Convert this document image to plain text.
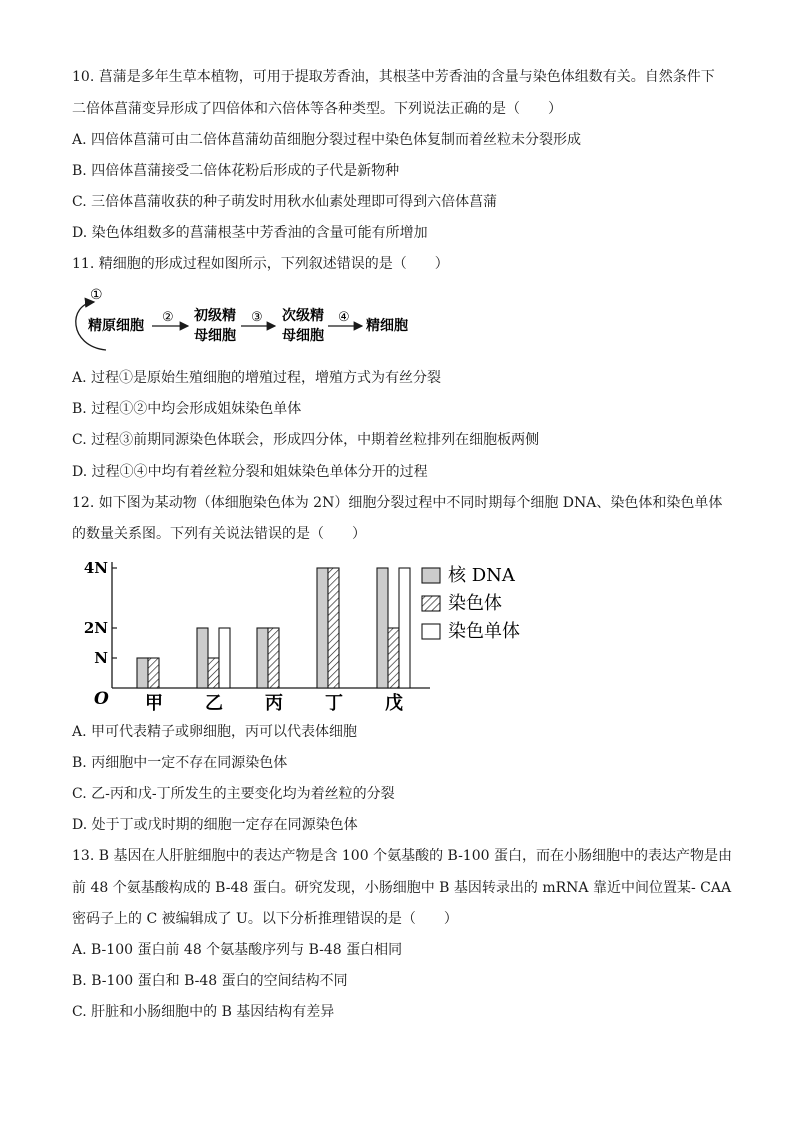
10. 菖蒲是多年生草本植物，可用于提取芳香油，其根茎中芳香油的含量与染色体组数有关。自然条件下
二倍体菖蒲变异形成了四倍体和六倍体等各种类型。下列说法正确的是（　　）
A. 四倍体菖蒲可由二倍体菖蒲幼苗细胞分裂过程中染色体复制而着丝粒未分裂形成
B. 四倍体菖蒲接受二倍体花粉后形成的子代是新物种
C. 三倍体菖蒲收获的种子萌发时用秋水仙素处理即可得到六倍体菖蒲
D. 染色体组数多的菖蒲根茎中芳香油的含量可能有所增加
11. 精细胞的形成过程如图所示，下列叙述错误的是（　　）
①
精原细胞
② 初级精
母细胞
③ 次级精
母细胞
④
精细胞
A. 过程①是原始生殖细胞的增殖过程，增殖方式为有丝分裂
B. 过程①②中均会形成姐妹染色单体
C. 过程③前期同源染色体联会，形成四分体，中期着丝粒排列在细胞板两侧
D. 过程①④中均有着丝粒分裂和姐妹染色单体分开的过程
12. 如下图为某动物（体细胞染色体为 2N）细胞分裂过程中不同时期每个细胞 DNA、染色体和染色单体
的数量关系图。下列有关说法错误的是（　　）
O
N
2N
4N
甲 乙 丙 丁 戊
核 DNA
染色体
染色单体
A. 甲可代表精子或卵细胞，丙可以代表体细胞
B. 丙细胞中一定不存在同源染色体
C. 乙-丙和戊-丁所发生的主要变化均为着丝粒的分裂
D. 处于丁或戊时期的细胞一定存在同源染色体
13. B 基因在人肝脏细胞中的表达产物是含 100 个氨基酸的 B-100 蛋白，而在小肠细胞中的表达产物是由
前 48 个氨基酸构成的 B-48 蛋白。研究发现，小肠细胞中 B 基因转录出的 mRNA 靠近中间位置某- CAA
密码子上的 C 被编辑成了 U。以下分析推理错误的是（　　）
A. B-100 蛋白前 48 个氨基酸序列与 B-48 蛋白相同
B. B-100 蛋白和 B-48 蛋白的空间结构不同
C. 肝脏和小肠细胞中的 B 基因结构有差异
